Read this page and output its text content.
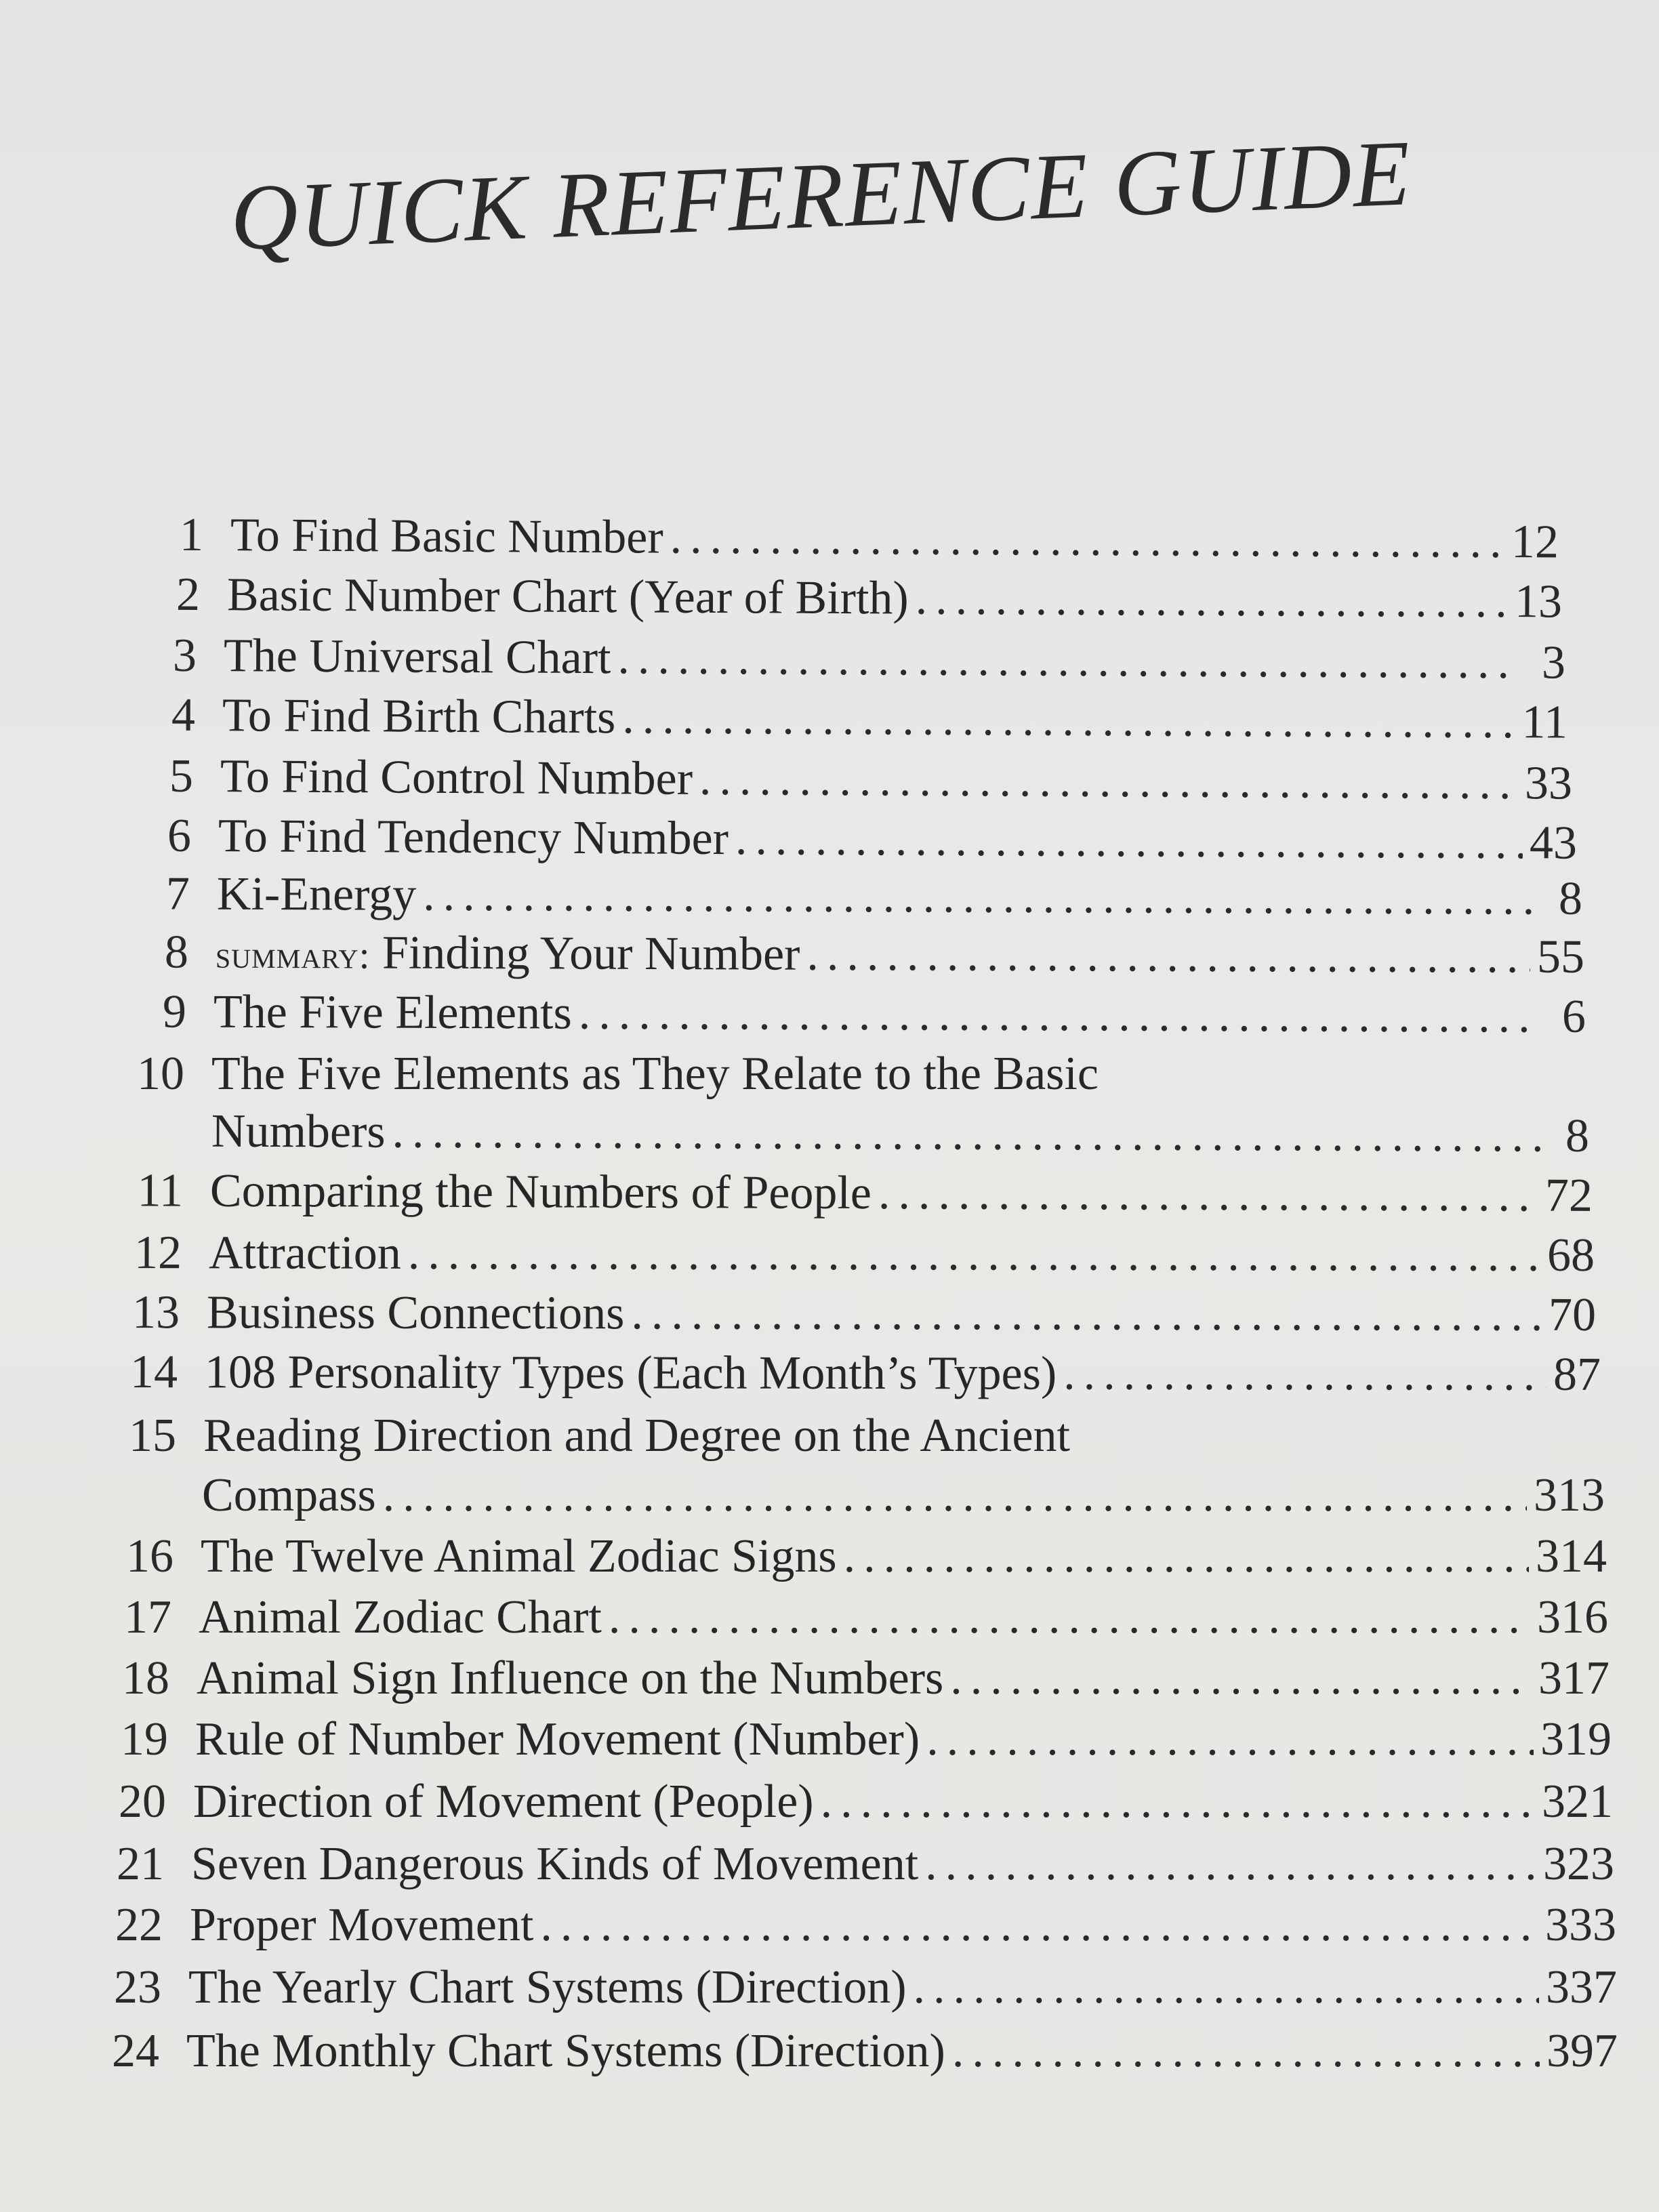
QUICK REFERENCE GUIDE
1 To Find Basic Number .....	12
2 Basic Number Chart (Year of Birth) .....	13
3 The Universal Chart .....	3
4 To Find Birth Charts .....	11
5 To Find Control Number .....	33
6 To Find Tendency Number .....	43
7 Ki-Energy .....	8
8 summary: Finding Your Number .....	55
9 The Five Elements .....	6
10 The Five Elements as They Relate to the Basic
Numbers .....	8
11 Comparing the Numbers of People .....	72
12 Attraction .....	68
13 Business Connections .....	70
14 108 Personality Types (Each Month’s Types) .....	87
15 Reading Direction and Degree on the Ancient
Compass .....	313
16 The Twelve Animal Zodiac Signs .....	314
17 Animal Zodiac Chart .....	316
18 Animal Sign Influence on the Numbers .....	317
19 Rule of Number Movement (Number) .....	319
20 Direction of Movement (People) .....	321
21 Seven Dangerous Kinds of Movement .....	323
22 Proper Movement .....	333
23 The Yearly Chart Systems (Direction) .....	337
24 The Monthly Chart Systems (Direction) .....	397
